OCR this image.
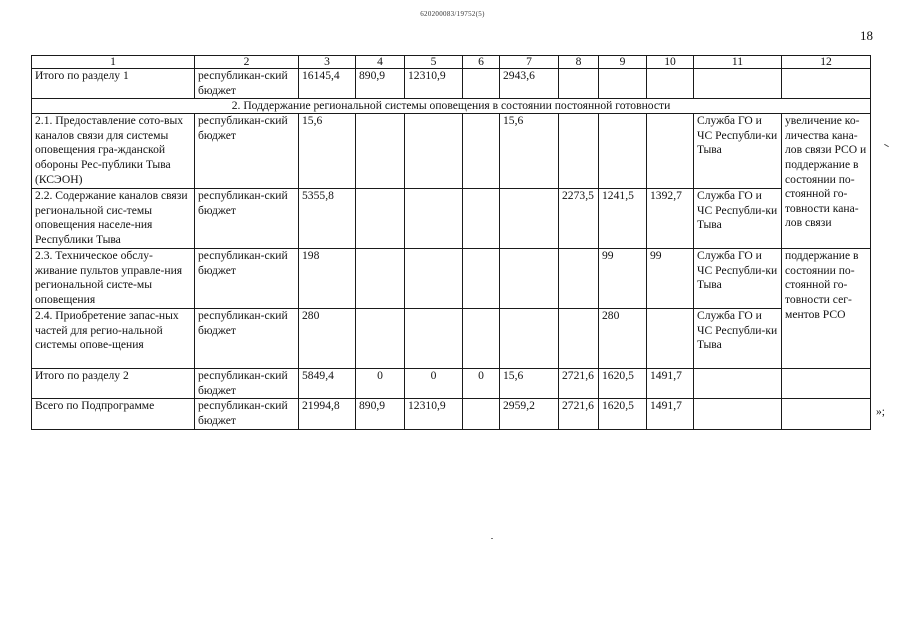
620200083/19752(5)
18
1	2	3	4	5	6	7	8	9	10	11	12
Итого по разделу 1	республикан-ский бюджет	16145,4	890,9	12310,9		2943,6					
2. Поддержание региональной системы оповещения в состоянии постоянной готовности											
2.1. Предоставление сото-вых каналов связи для системы оповещения гра-жданской обороны Рес-публики Тыва (КСЭОН)	республикан-ский бюджет	15,6				15,6				Служба ГО и ЧС Республи-ки Тыва	увеличение ко-личества кана-лов связи РСО и поддержание в состоянии по-стоянной го-товности кана-лов связи
2.2. Содержание каналов связи региональной сис-темы оповещения населе-ния Республики Тыва	республикан-ский бюджет	5355,8					2273,5	1241,5	1392,7	Служба ГО и ЧС Республи-ки Тыва	
2.3. Техническое обслу-живание пультов управле-ния региональной систе-мы оповещения	республикан-ский бюджет	198						99	99	Служба ГО и ЧС Республи-ки Тыва	поддержание в состоянии по-стоянной го-товности сег-ментов РСО
2.4. Приобретение запас-ных частей для регио-нальной системы опове-щения	республикан-ский бюджет	280						280		Служба ГО и ЧС Республи-ки Тыва	
Итого по разделу 2	республикан-ский бюджет	5849,4	0	0	0	15,6	2721,6	1620,5	1491,7		
Всего по Подпрограмме	республикан-ский бюджет	21994,8	890,9	12310,9		2959,2	2721,6	1620,5	1491,7			»;
